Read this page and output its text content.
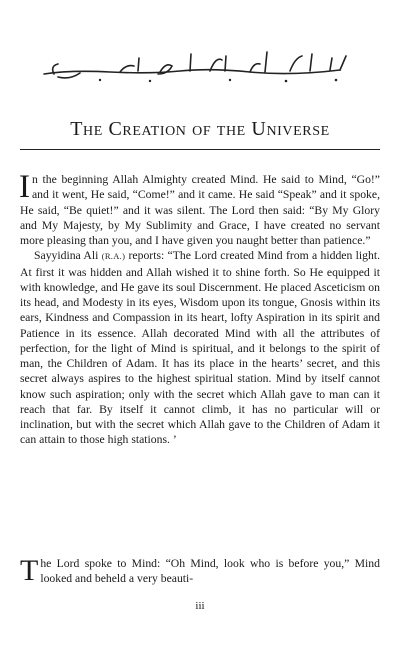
The Creation of the Universe

In the beginning Allah Almighty created Mind. He said to Mind, “Go!” and it went, He said, “Come!” and it came. He said “Speak” and it spoke, He said, “Be quiet!” and it was silent. The Lord then said: “By My Glory and My Majesty, by My Sublimity and Grace, I have created no servant more pleasing than you, and I have given you naught better than patience.”

Sayyidina Ali (R.A.) reports: “The Lord created Mind from a hidden light. At first it was hidden and Allah wished it to shine forth. So He equipped it with knowledge, and He gave its soul Discernment. He placed Asceticism on its head, and Modesty in its eyes, Wisdom upon its tongue, Gnosis within its ears, Kindness and Compassion in its heart, lofty Aspiration in its spirit and Patience in its essence. Allah decorated Mind with all the attributes of perfection, for the light of Mind is spiritual, and it belongs to the spirit of man, the Children of Adam. It has its place in the hearts’ secret, and this secret always aspires to the highest spiritual station. Mind by itself cannot know such aspiration; only with the secret which Allah gave to man can it reach that far. By itself it cannot climb, it has no particular will or inclination, but with the secret which Allah gave to the Children of Adam it can attain to those high stations. ’

The Lord spoke to Mind: “Oh Mind, look who is before you,” Mind looked and beheld a very beauti-

iii
